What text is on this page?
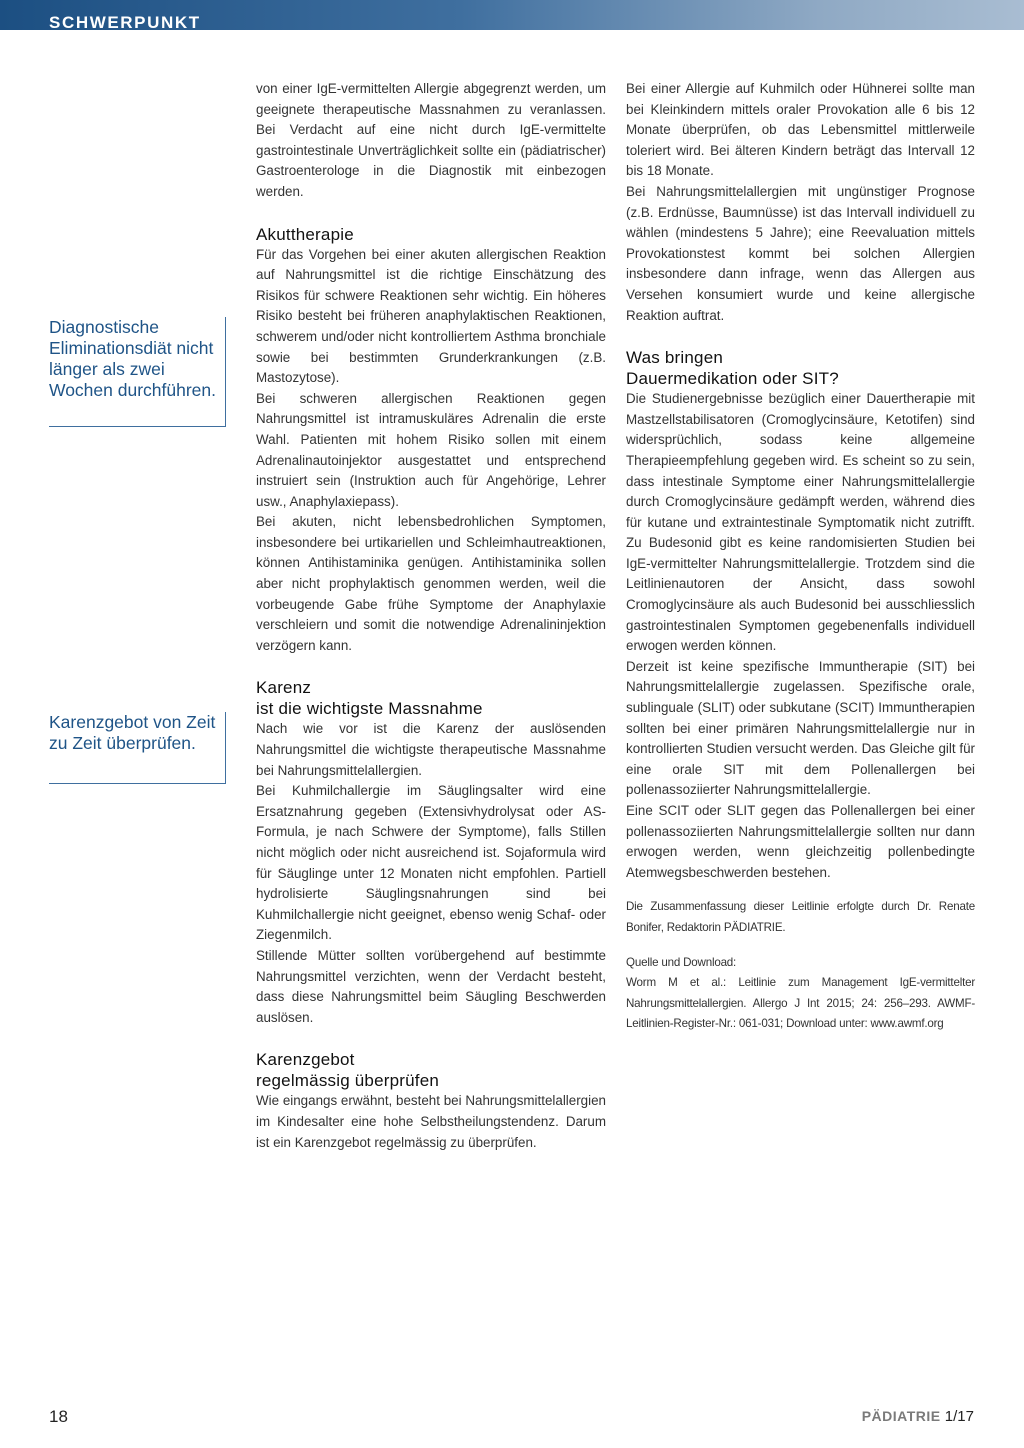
SCHWERPUNKT
Diagnostische Eliminationsdiät nicht länger als zwei Wochen durchführen.
Karenzgebot von Zeit zu Zeit überprüfen.

von einer IgE-vermittelten Allergie abgegrenzt werden, um geeignete therapeutische Massnahmen zu veranlassen. Bei Verdacht auf eine nicht durch IgE-vermittelte gastrointestinale Unverträglichkeit sollte ein (pädiatrischer) Gastroenterologe in die Diagnostik mit einbezogen werden.

Akuttherapie

Für das Vorgehen bei einer akuten allergischen Reaktion auf Nahrungsmittel ist die richtige Einschätzung des Risikos für schwere Reaktionen sehr wichtig. Ein höheres Risiko besteht bei früheren anaphylaktischen Reaktionen, schwerem und/oder nicht kontrolliertem Asthma bronchiale sowie bei bestimmten Grunderkrankungen (z.B. Mastozytose).

Bei schweren allergischen Reaktionen gegen Nahrungsmittel ist intramuskuläres Adrenalin die erste Wahl. Patienten mit hohem Risiko sollen mit einem Adrenalinautoinjektor ausgestattet und entsprechend instruiert sein (Instruktion auch für Angehörige, Lehrer usw., Anaphylaxiepass).

Bei akuten, nicht lebensbedrohlichen Symptomen, insbesondere bei urtikariellen und Schleimhautreaktionen, können Antihistaminika genügen. Antihistaminika sollen aber nicht prophylaktisch genommen werden, weil die vorbeugende Gabe frühe Symptome der Anaphylaxie verschleiern und somit die notwendige Adrenalininjektion verzögern kann.

Karenz
ist die wichtigste Massnahme

Nach wie vor ist die Karenz der auslösenden Nahrungsmittel die wichtigste therapeutische Massnahme bei Nahrungsmittelallergien.

Bei Kuhmilchallergie im Säuglingsalter wird eine Ersatznahrung gegeben (Extensivhydrolysat oder AS-Formula, je nach Schwere der Symptome), falls Stillen nicht möglich oder nicht ausreichend ist. Sojaformula wird für Säuglinge unter 12 Monaten nicht empfohlen. Partiell hydrolisierte Säuglingsnahrungen sind bei Kuhmilchallergie nicht geeignet, ebenso wenig Schaf- oder Ziegenmilch.

Stillende Mütter sollten vorübergehend auf bestimmte Nahrungsmittel verzichten, wenn der Verdacht besteht, dass diese Nahrungsmittel beim Säugling Beschwerden auslösen.

Karenzgebot
regelmässig überprüfen

Wie eingangs erwähnt, besteht bei Nahrungsmittelallergien im Kindesalter eine hohe Selbstheilungstendenz. Darum ist ein Karenzgebot regelmässig zu überprüfen.

Bei einer Allergie auf Kuhmilch oder Hühnerei sollte man bei Kleinkindern mittels oraler Provokation alle 6 bis 12 Monate überprüfen, ob das Lebensmittel mittlerweile toleriert wird. Bei älteren Kindern beträgt das Intervall 12 bis 18 Monate.

Bei Nahrungsmittelallergien mit ungünstiger Prognose (z.B. Erdnüsse, Baumnüsse) ist das Intervall individuell zu wählen (mindestens 5 Jahre); eine Reevaluation mittels Provokationstest kommt bei solchen Allergien insbesondere dann infrage, wenn das Allergen aus Versehen konsumiert wurde und keine allergische Reaktion auftrat.

Was bringen
Dauermedikation oder SIT?

Die Studienergebnisse bezüglich einer Dauertherapie mit Mastzellstabilisatoren (Cromoglycinsäure, Ketotifen) sind widersprüchlich, sodass keine allgemeine Therapieempfehlung gegeben wird. Es scheint so zu sein, dass intestinale Symptome einer Nahrungsmittelallergie durch Cromoglycinsäure gedämpft werden, während dies für kutane und extraintestinale Symptomatik nicht zutrifft. Zu Budesonid gibt es keine randomisierten Studien bei IgE-vermittelter Nahrungsmittelallergie. Trotzdem sind die Leitlinienautoren der Ansicht, dass sowohl Cromoglycinsäure als auch Budesonid bei ausschliesslich gastrointestinalen Symptomen gegebenenfalls individuell erwogen werden können.

Derzeit ist keine spezifische Immuntherapie (SIT) bei Nahrungsmittelallergie zugelassen. Spezifische orale, sublinguale (SLIT) oder subkutane (SCIT) Immuntherapien sollten bei einer primären Nahrungsmittelallergie nur in kontrollierten Studien versucht werden. Das Gleiche gilt für eine orale SIT mit dem Pollenallergen bei pollenassoziierter Nahrungsmittelallergie.

Eine SCIT oder SLIT gegen das Pollenallergen bei einer pollenassoziierten Nahrungsmittelallergie sollten nur dann erwogen werden, wenn gleichzeitig pollenbedingte Atemwegsbeschwerden bestehen.

Die Zusammenfassung dieser Leitlinie erfolgte durch Dr. Renate Bonifer, Redaktorin PÄDIATRIE.

Quelle und Download:

Worm M et al.: Leitlinie zum Management IgE-vermittelter Nahrungsmittelallergien. Allergo J Int 2015; 24: 256–293. AWMF-Leitlinien-Register-Nr.: 061-031; Download unter: www.awmf.org

18	PÄDIATRIE 1/17
